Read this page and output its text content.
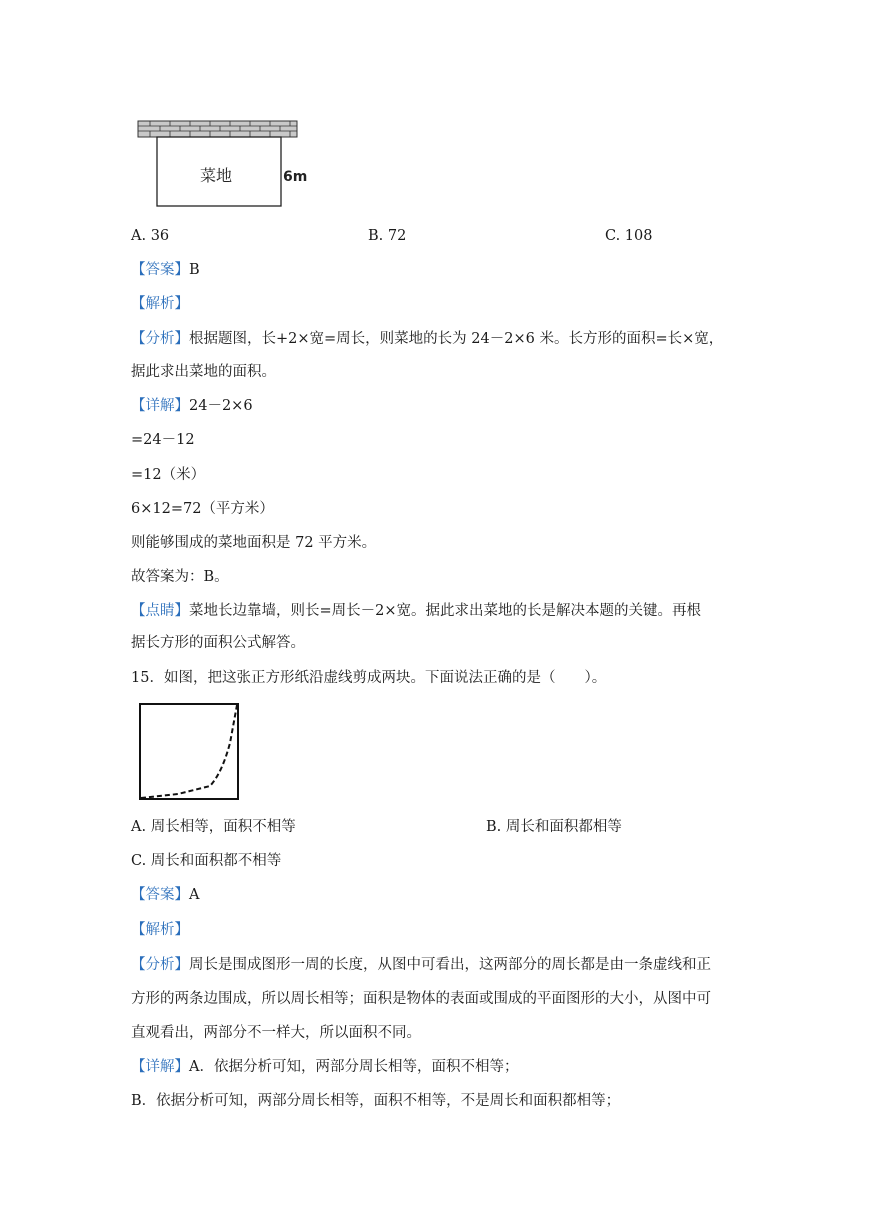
菜地	6m
A. 36	B. 72	C. 108
【答案】B
【解析】
【分析】根据题图，长+2×宽=周长，则菜地的长为 24－2×6 米。长方形的面积=长×宽，
据此求出菜地的面积。
【详解】24－2×6
=24－12
=12（米）
6×12=72（平方米）
则能够围成的菜地面积是 72 平方米。
故答案为：B。
【点睛】菜地长边靠墙，则长=周长－2×宽。据此求出菜地的长是解决本题的关键。再根
据长方形的面积公式解答。
15．如图，把这张正方形纸沿虚线剪成两块。下面说法正确的是（　　）。
A. 周长相等，面积不相等	B. 周长和面积都相等
C. 周长和面积都不相等
【答案】A
【解析】
【分析】周长是围成图形一周的长度，从图中可看出，这两部分的周长都是由一条虚线和正
方形的两条边围成，所以周长相等；面积是物体的表面或围成的平面图形的大小，从图中可
直观看出，两部分不一样大，所以面积不同。
【详解】A．依据分析可知，两部分周长相等，面积不相等；
B．依据分析可知，两部分周长相等，面积不相等，不是周长和面积都相等；
